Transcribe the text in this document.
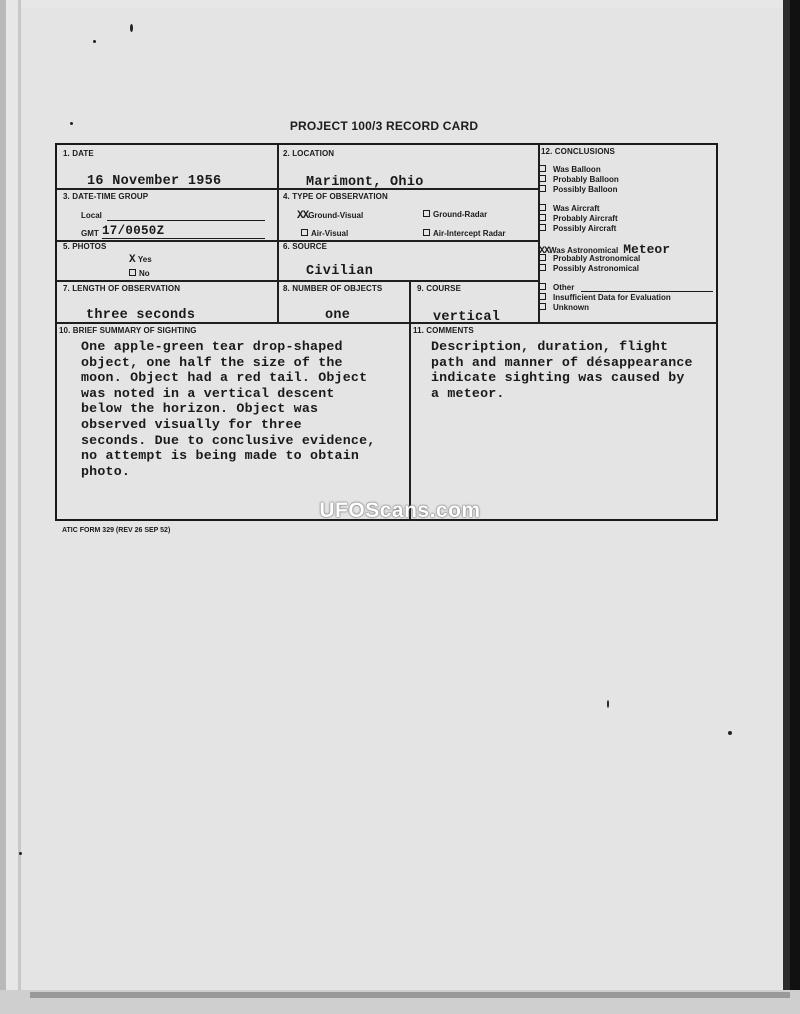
PROJECT 100/3 RECORD CARD
1. DATE
16 November 1956
2. LOCATION
Marimont, Ohio
3. DATE-TIME GROUP
Local
GMT 17/0050Z
4. TYPE OF OBSERVATION
XXGround-Visual	Ground-Radar
Air-Visual	Air-Intercept Radar
5. PHOTOS
X Yes
No
6. SOURCE
Civilian
7. LENGTH OF OBSERVATION
three seconds
8. NUMBER OF OBJECTS
one
9. COURSE
vertical
10. BRIEF SUMMARY OF SIGHTING
One apple-green tear drop-shaped
object, one half the size of the
moon. Object had a red tail. Object
was noted in a vertical descent
below the horizon. Object was
observed visually for three
seconds. Due to conclusive evidence,
no attempt is being made to obtain
photo.
11. COMMENTS
Description, duration, flight
path and manner of désappearance
indicate sighting was caused by
a meteor.
12. CONCLUSIONS
Was Balloon
Probably Balloon
Possibly Balloon
Was Aircraft
Probably Aircraft
Possibly Aircraft
XXWas Astronomical Meteor
Probably Astronomical
Possibly Astronomical
Other
Insufficient Data for Evaluation
Unknown
UFOScans.com
ATIC FORM 329 (REV 26 SEP 52)
